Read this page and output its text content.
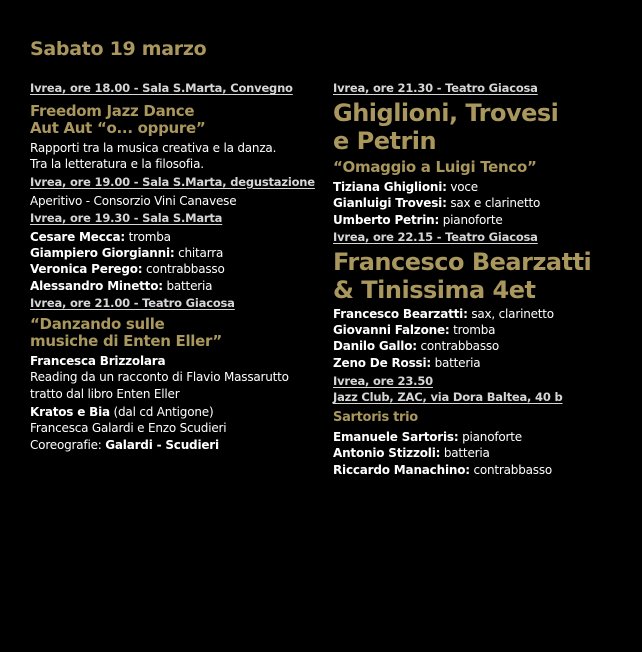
Sabato 19 marzo
Ivrea, ore 18.00 - Sala S.Marta, Convegno
Freedom Jazz Dance
Aut Aut “o... oppure”
Rapporti tra la musica creativa e la danza.
Tra la letteratura e la filosofia.
Ivrea, ore 19.00 - Sala S.Marta, degustazione
Aperitivo - Consorzio Vini Canavese
Ivrea, ore 19.30 - Sala S.Marta
Cesare Mecca: tromba
Giampiero Giorgianni: chitarra
Veronica Perego: contrabbasso
Alessandro Minetto: batteria
Ivrea, ore 21.00 - Teatro Giacosa
“Danzando sulle
musiche di Enten Eller”
Francesca Brizzolara
Reading da un racconto di Flavio Massarutto
tratto dal libro Enten Eller
Kratos e Bia (dal cd Antigone)
Francesca Galardi e Enzo Scudieri
Coreografie: Galardi - Scudieri
Ivrea, ore 21.30 - Teatro Giacosa
Ghiglioni, Trovesi
e Petrin
“Omaggio a Luigi Tenco”
Tiziana Ghiglioni: voce
Gianluigi Trovesi: sax e clarinetto
Umberto Petrin: pianoforte
Ivrea, ore 22.15 - Teatro Giacosa
Francesco Bearzatti
& Tinissima 4et
Francesco Bearzatti: sax, clarinetto
Giovanni Falzone: tromba
Danilo Gallo: contrabbasso
Zeno De Rossi: batteria
Ivrea, ore 23.50
Jazz Club, ZAC, via Dora Baltea, 40 b
Sartoris trio
Emanuele Sartoris: pianoforte
Antonio Stizzoli: batteria
Riccardo Manachino: contrabbasso
